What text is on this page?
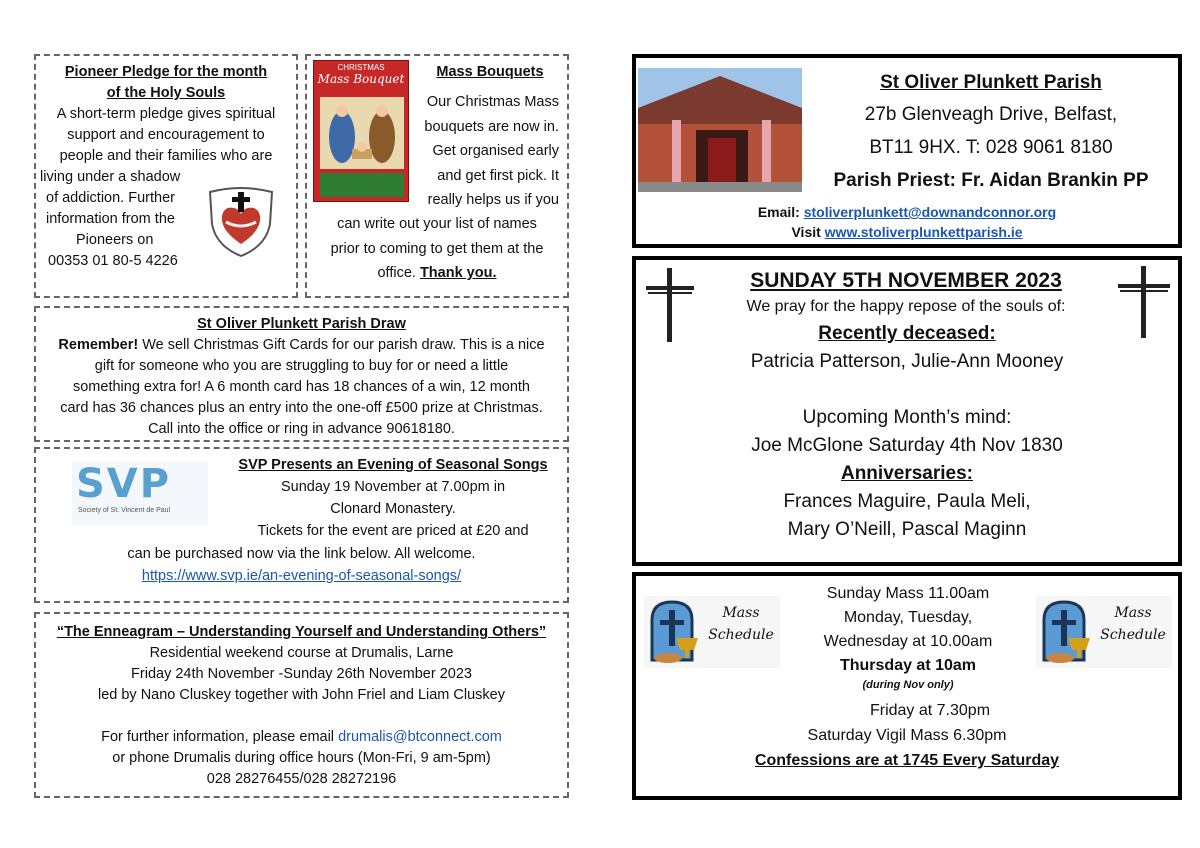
Pioneer Pledge for the month
of the Holy Souls
A short-term pledge gives spiritual
support and encouragement to
people and their families who are
living under a shadow
of addiction. Further
information from the
Pioneers on
00353 01 80-5 4226
CHRISTMAS
Mass Bouquet	Mass Bouquets
Our Christmas Mass
bouquets are now in.
Get organised early
and get first pick. It
really helps us if you
can write out your list of names
prior to coming to get them at the
office. Thank you.
St Oliver Plunkett Parish Draw
Remember! We sell Christmas Gift Cards for our parish draw. This is a nice
gift for someone who you are struggling to buy for or need a little
something extra for! A 6 month card has 18 chances of a win, 12 month
card has 36 chances plus an entry into the one-off £500 prize at Christmas.
Call into the office or ring in advance 90618180.
SVP
Society of St. Vincent de Paul
SVP Presents an Evening of Seasonal Songs
Sunday 19 November at 7.00pm in
Clonard Monastery.
Tickets for the event are priced at £20 and
can be purchased now via the link below. All welcome.
https://www.svp.ie/an-evening-of-seasonal-songs/
“The Enneagram – Understanding Yourself and Understanding Others”
Residential weekend course at Drumalis, Larne
Friday 24th November -Sunday 26th November 2023
led by Nano Cluskey together with John Friel and Liam Cluskey
For further information, please email drumalis@btconnect.com
or phone Drumalis during office hours (Mon-Fri, 9 am-5pm)
028 28276455/028 28272196
St Oliver Plunkett Parish
27b Glenveagh Drive, Belfast,
BT11 9HX. T: 028 9061 8180
Parish Priest: Fr. Aidan Brankin PP
Email: stoliverplunkett@downandconnor.org
Visit www.stoliverplunkettparish.ie
SUNDAY 5TH NOVEMBER 2023
We pray for the happy repose of the souls of:
Recently deceased:
Patricia Patterson, Julie-Ann Mooney
Upcoming Month’s mind:
Joe McGlone Saturday 4th Nov 1830
Anniversaries:
Frances Maguire, Paula Meli,
Mary O’Neill, Pascal Maginn
Mass
Schedule
Mass
Schedule
Sunday Mass 11.00am
Monday, Tuesday,
Wednesday at 10.00am
Thursday at 10am
(during Nov only)
Friday at 7.30pm
Saturday Vigil Mass 6.30pm
Confessions are at 1745 Every Saturday
